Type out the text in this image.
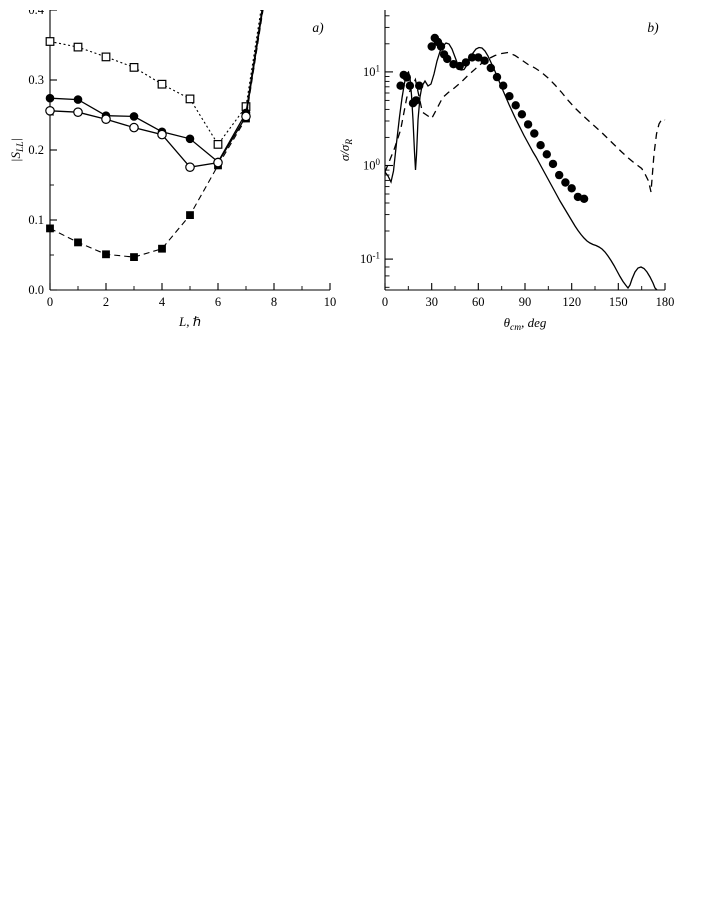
0	2	4	6	8	10
0.0
0.1
0.2
0.3
L, ℏ
$|S_{LL}|$
a)
0	30	60	90 120 150 180
$10^{-1}$
$10^0$
$10^1$
$\theta_{cm}$, deg
$\sigma/\sigma_R$
b)
